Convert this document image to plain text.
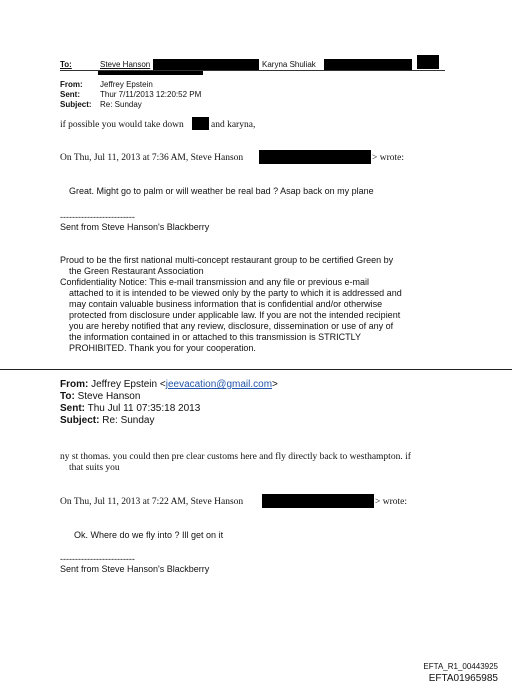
To:	Steve Hanson	Karyna Shuliak
From: Jeffrey Epstein
Sent:	Thur 7/11/2013 12:20:52 PM
Subject: Re: Sunday
if possible you would take down	and karyna,
On Thu, Jul 11, 2013 at 7:36 AM, Steve Hanson	> wrote:
Great. Might go to palm or will weather be real bad ? Asap back on my plane
-------------------------
Sent from Steve Hanson's Blackberry
Proud to be the first national multi-concept restaurant group to be certified Green by
the Green Restaurant Association
Confidentiality Notice: This e-mail transmission and any file or previous e-mail
attached to it is intended to be viewed only by the party to which it is addressed and
may contain valuable business information that is confidential and/or otherwise
protected from disclosure under applicable law. If you are not the intended recipient
you are hereby notified that any review, disclosure, dissemination or use of any of
the information contained in or attached to this transmission is STRICTLY
PROHIBITED. Thank you for your cooperation.
From: Jeffrey Epstein <jeevacation@gmail.com>
To: Steve Hanson
Sent: Thu Jul 11 07:35:18 2013
Subject: Re: Sunday
ny st thomas. you could then pre clear customs here and fly directly back to westhampton. if
that suits you
On Thu, Jul 11, 2013 at 7:22 AM, Steve Hanson	> wrote:
Ok. Where do we fly into ? Ill get on it
-------------------------
Sent from Steve Hanson's Blackberry
EFTA_R1_00443925
EFTA01965985
